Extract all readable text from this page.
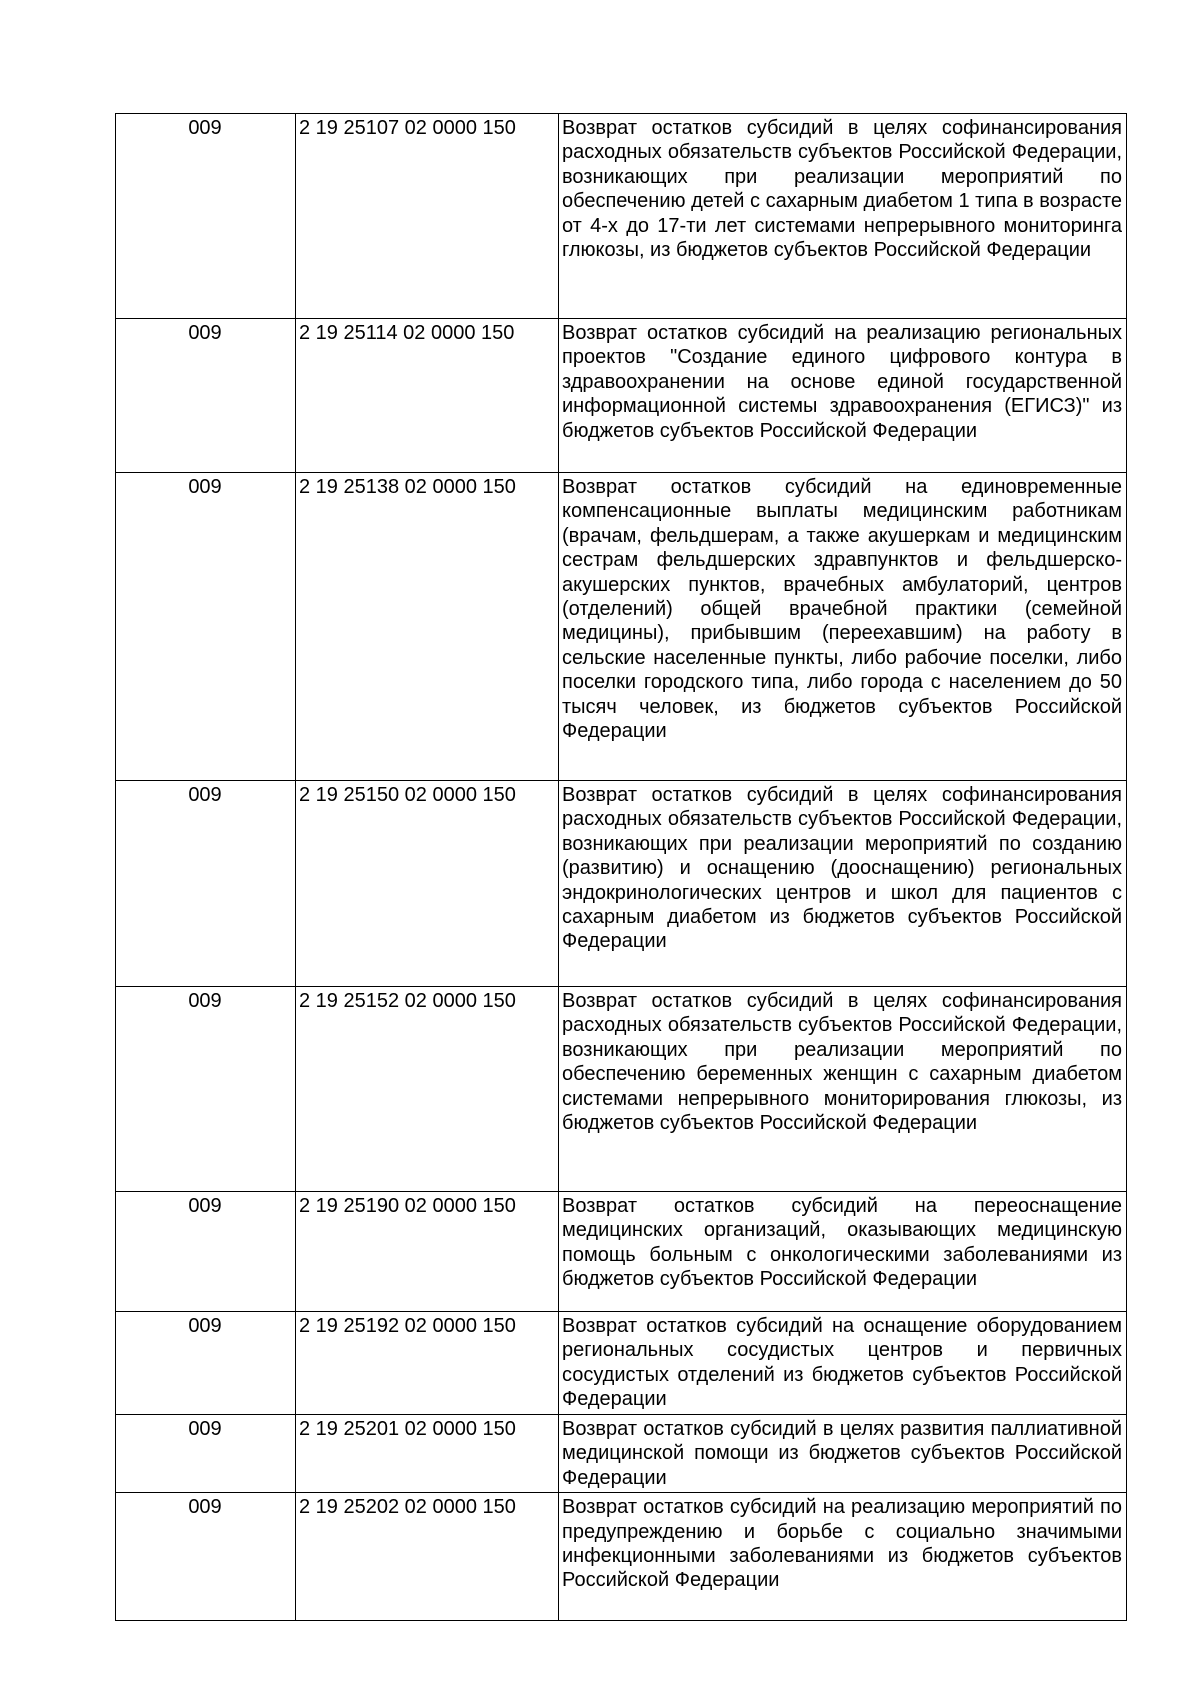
009	2 19 25107 02 0000 150	Возврат остатков субсидий в целях софинансирования расходных обязательств субъектов Российской Федерации, возникающих при реализации мероприятий по обеспечению детей с сахарным диабетом 1 типа в возрасте от 4-х до 17-ти лет системами непрерывного мониторинга глюкозы, из бюджетов субъектов Российской Федерации
009	2 19 25114 02 0000 150	Возврат остатков субсидий на реализацию региональных проектов "Создание единого цифрового контура в здравоохранении на основе единой государственной информационной системы здравоохранения (ЕГИСЗ)" из бюджетов субъектов Российской Федерации
009	2 19 25138 02 0000 150	Возврат остатков субсидий на единовременные компенсационные выплаты медицинским работникам (врачам, фельдшерам, а также акушеркам и медицинским сестрам фельдшерских здравпунктов и фельдшерско-акушерских пунктов, врачебных амбулаторий, центров (отделений) общей врачебной практики (семейной медицины), прибывшим (переехавшим) на работу в сельские населенные пункты, либо рабочие поселки, либо поселки городского типа, либо города с населением до 50 тысяч человек, из бюджетов субъектов Российской Федерации
009	2 19 25150 02 0000 150	Возврат остатков субсидий в целях софинансирования расходных обязательств субъектов Российской Федерации, возникающих при реализации мероприятий по созданию (развитию) и оснащению (дооснащению) региональных эндокринологических центров и школ для пациентов с сахарным диабетом из бюджетов субъектов Российской Федерации
009	2 19 25152 02 0000 150	Возврат остатков субсидий в целях софинансирования расходных обязательств субъектов Российской Федерации, возникающих при реализации мероприятий по обеспечению беременных женщин с сахарным диабетом системами непрерывного мониторирования глюкозы, из бюджетов субъектов Российской Федерации
009	2 19 25190 02 0000 150	Возврат остатков субсидий на переоснащение медицинских организаций, оказывающих медицинскую помощь больным с онкологическими заболеваниями из бюджетов субъектов Российской Федерации
009	2 19 25192 02 0000 150	Возврат остатков субсидий на оснащение оборудованием региональных сосудистых центров и первичных сосудистых отделений из бюджетов субъектов Российской Федерации
009	2 19 25201 02 0000 150	Возврат остатков субсидий в целях развития паллиативной медицинской помощи из бюджетов субъектов Российской Федерации
009	2 19 25202 02 0000 150	Возврат остатков субсидий на реализацию мероприятий по предупреждению и борьбе с социально значимыми инфекционными заболеваниями из бюджетов субъектов Российской Федерации
